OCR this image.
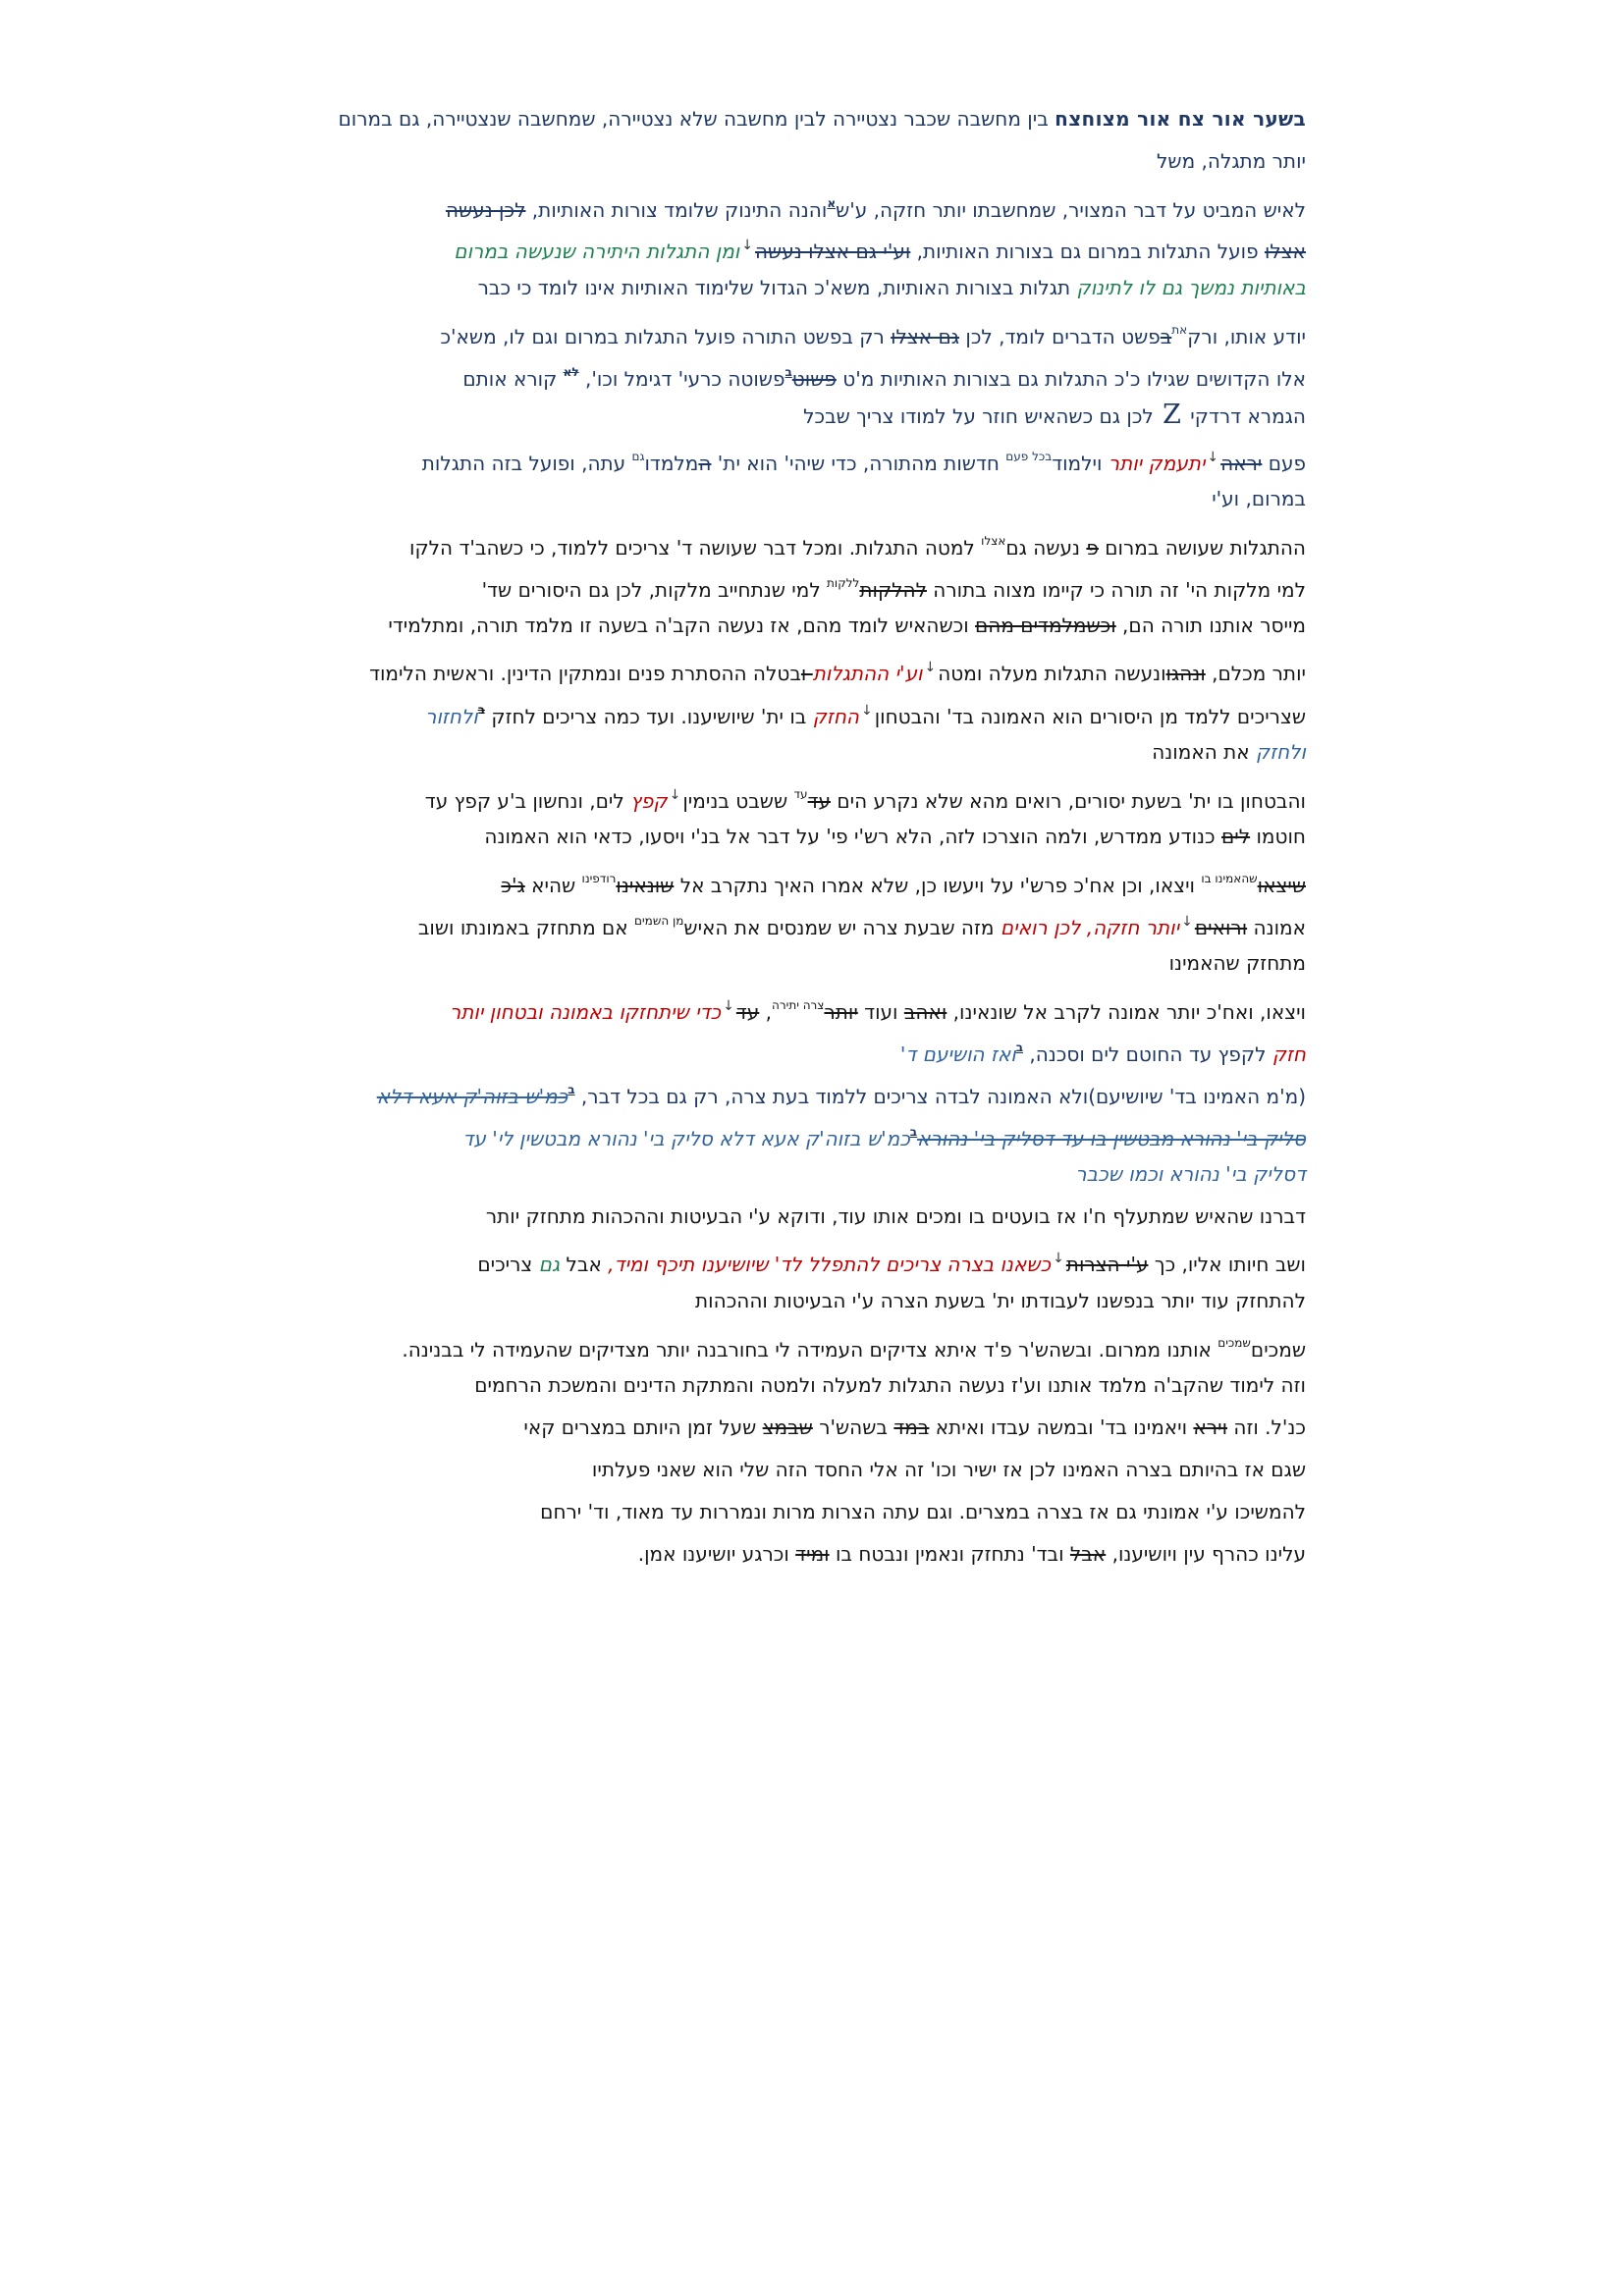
בשער אור צח אור מצוחצח בין מחשבה שכבר נצטיירה לבין מחשבה שלא נצטיירה, שמחשבה שנצטיירה, גם במרום
יותר מתגלה, משל
לאיש המביט על דבר המצויר, שמחשבתו יותר חזקה, ע'ש$^א$והנה התינוק שלומד צורות האותיות, לכן נעשה
אצלו פועל התגלות במרום גם בצורות האותיות, וע'י גם אצלו נעשה↓ומן התגלות היתירה שנעשה במרום
באותיות נמשך גם לו לתינוק תגלות בצורות האותיות, משא'כ הגדול שלימוד האותיות אינו לומד כי כבר
יודע אותו, ורק$^{את}$בפשט הדברים לומד, לכן גם אצלו רק בפשט התורה פועל התגלות במרום וגם לו, משא'כ
אלו הקדושים שגילו כ'כ התגלות גם בצורות האותיות מ'ט פשוט$^ב$פשוטה כרעי' דגימל וכו', $^{לא}$ קורא אותם
הגמרא דרדקי Z לכן גם כשהאיש חוזר על למודו צריך שבכל
פעם יראה↓יתעמק יותר וילמוד$^{בכל פעם}$ חדשות מהתורה, כדי שיהי' הוא ית' המלמדו$^{גם}$ עתה, ופועל בזה התגלות
במרום, וע'י
ההתגלות שעושה במרום פ נעשה גם$^{אצלו}$ למטה התגלות. ומכל דבר שעושה ד' צריכים ללמוד, כי כשהב'ד הלקו
למי מלקות הי' זה תורה כי קיימו מצוה בתורה להלקות$^{ללקות}$ למי שנתחייב מלקות, לכן גם היסורים שד'
מייסר אותנו תורה הם, וכשמלמדים מהם וכשהאיש לומד מהם, אז נעשה הקב'ה בשעה זו מלמד תורה, ומתלמידי
יותר מכלם, ונהגוונעשה התגלות מעלה ומטה↓וע'י ההתגלות ובטלה ההסתרת פנים ונמתקין הדינין. וראשית הלימוד
שצריכים ללמד מן היסורים הוא האמונה בד' והבטחון↓החזק בו ית' שיושיענו. ועד כמה צריכים לחזק $^ב$ולחזור
ולחזק את האמונה
והבטחון בו ית' בשעת יסורים, רואים מהא שלא נקרע הים עד$^{עד}$ ששבט בנימין↓קפץ לים, ונחשון ב'ע קפץ עד
חוטמו לים כנודע ממדרש, ולמה הוצרכו לזה, הלא רש'י פי' על דבר אל בנ'י ויסעו, כדאי הוא האמונה
שיצאו$^{שהאמינו בו}$ ויצאו, וכן אח'כ פרש'י על ויעשו כן, שלא אמרו האיך נתקרב אל שונאינו$^{רודפינו}$ שהיא ג'כ
אמונה ורואים↓יותר חזקה, לכן רואים מזה שבעת צרה יש שמנסים את האיש$^{מן השמים}$ אם מתחזק באמונתו ושוב
מתחזק שהאמינו
ויצאו, ואח'כ יותר אמונה לקרב אל שונאינו, ואהב ועוד יותר$^{צרה יתירה}$, עד↓כדי שיתחזקו באמונה ובטחון יותר
חזק לקפץ עד החוטם לים וסכנה, $^ב$ואז הושיעם ד'
(מ'מ האמינו בד' שיושיעם)ולא האמונה לבדה צריכים ללמוד בעת צרה, רק גם בכל דבר, $^ב$כמ'ש בזוה'ק אעא דלא
סליק בי' נהורא מבטשין בו עד דסליק בי' נהורא$^ב$כמ'ש בזוה'ק אעא דלא סליק בי' נהורא מבטשין לי' עד
דסליק בי' נהורא וכמו שכבר
דברנו שהאיש שמתעלף ח'ו אז בועטים בו ומכים אותו עוד, ודוקא ע'י הבעיטות וההכהות מתחזק יותר
ושב חיותו אליו, כך ע'י הצרות↓כשאנו בצרה צריכים להתפלל לד' שיושיענו תיכף ומיד, אבל גם צריכים
להתחזק עוד יותר בנפשנו לעבודתו ית' בשעת הצרה ע'י הבעיטות וההכהות
שמכים$^{שמכים}$ אותנו ממרום. ובשהש'ר פ'ד איתא צדיקים העמידה לי בחורבנה יותר מצדיקים שהעמידה לי בבנינה.
וזה לימוד שהקב'ה מלמד אותנו וע'ז נעשה התגלות למעלה ולמטה והמתקת הדינים והמשכת הרחמים
כנ'ל. וזה וירא ויאמינו בד' ובמשה עבדו ואיתא במד בשהש'ר שבמצ שעל זמן היותם במצרים קאי
שגם אז בהיותם בצרה האמינו לכן אז ישיר וכו' זה אלי החסד הזה שלי הוא שאני פעלתיו
להמשיכו ע'י אמונתי גם אז בצרה במצרים. וגם עתה הצרות מרות ונמררות עד מאוד, וד' ירחם
עלינו כהרף עין ויושיענו, אבל ובד' נתחזק ונאמין ונבטח בו ומיד וכרגע יושיענו אמן.
